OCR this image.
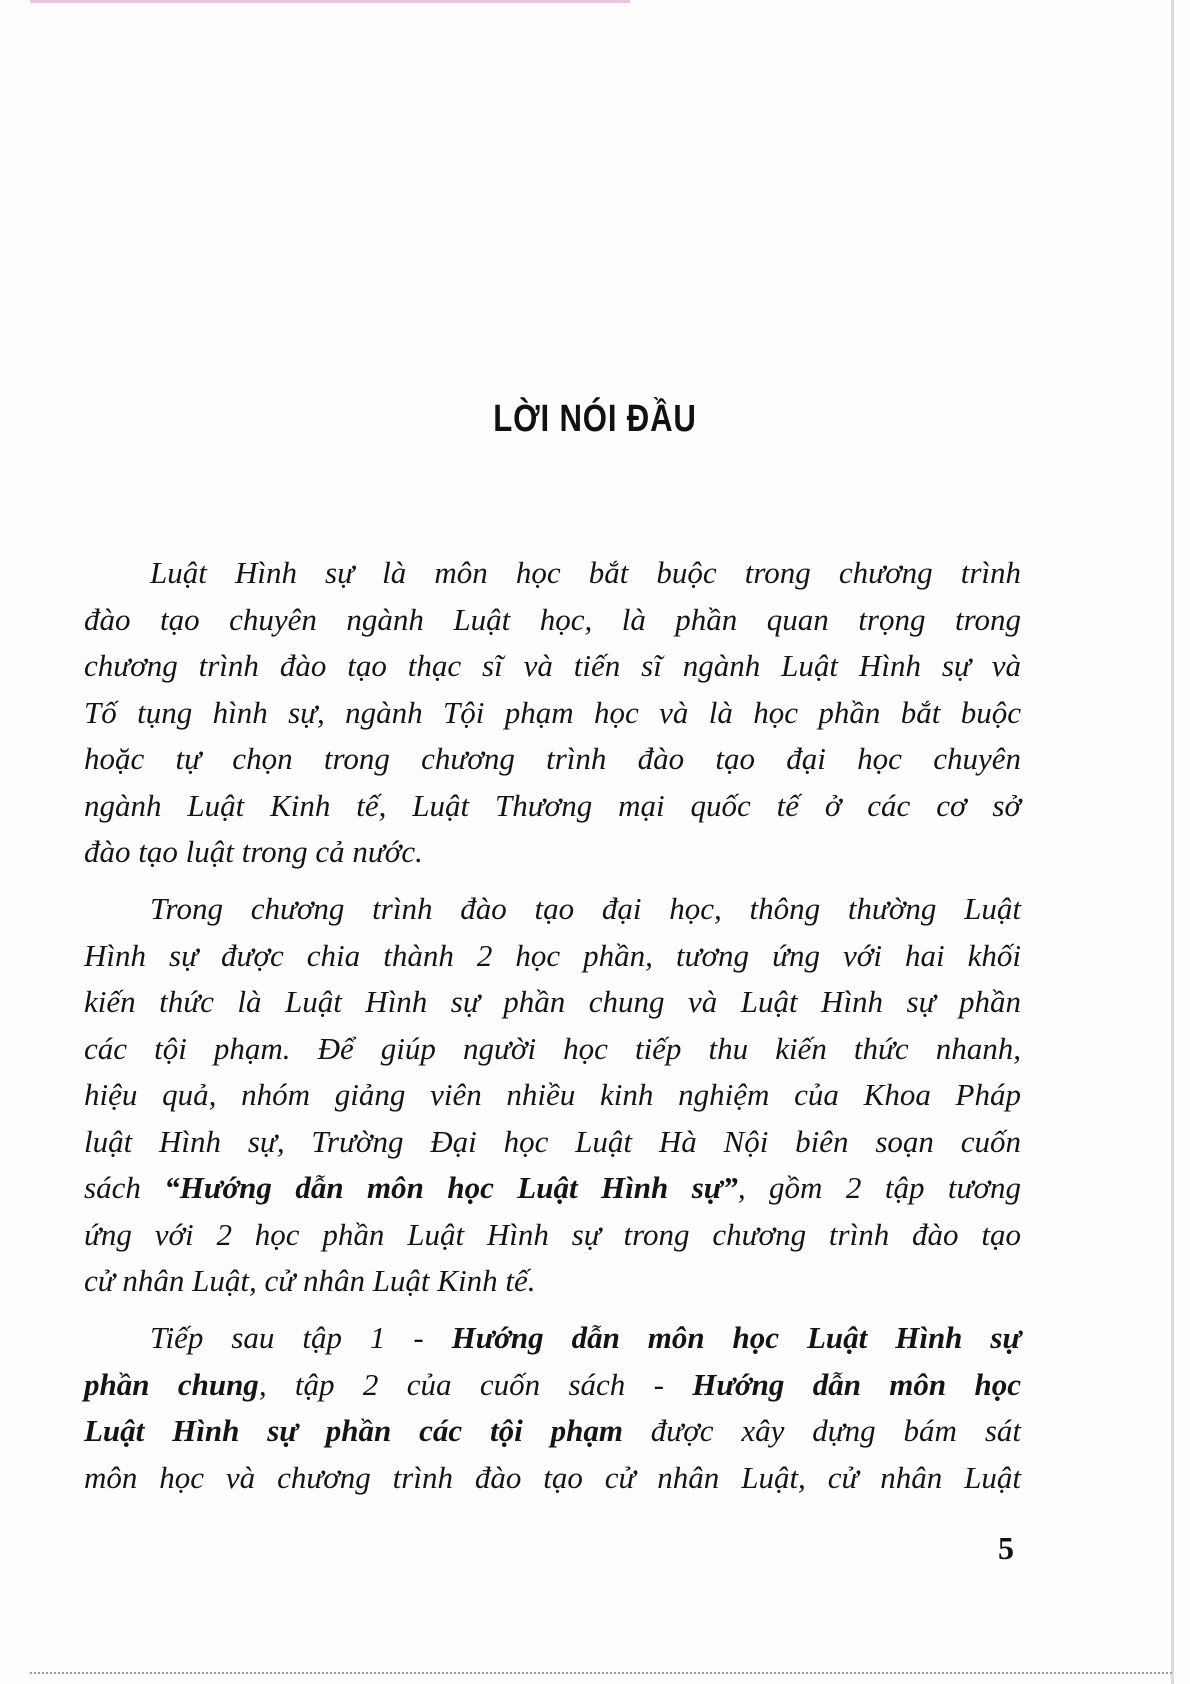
LỜI NÓI ĐẦU
Luật Hình sự là môn học bắt buộc trong chương trình
đào tạo chuyên ngành Luật học, là phần quan trọng trong
chương trình đào tạo thạc sĩ và tiến sĩ ngành Luật Hình sự và
Tố tụng hình sự, ngành Tội phạm học và là học phần bắt buộc
hoặc tự chọn trong chương trình đào tạo đại học chuyên
ngành Luật Kinh tế, Luật Thương mại quốc tế ở các cơ sở
đào tạo luật trong cả nước.
Trong chương trình đào tạo đại học, thông thường Luật
Hình sự được chia thành 2 học phần, tương ứng với hai khối
kiến thức là Luật Hình sự phần chung và Luật Hình sự phần
các tội phạm. Để giúp người học tiếp thu kiến thức nhanh,
hiệu quả, nhóm giảng viên nhiều kinh nghiệm của Khoa Pháp
luật Hình sự, Trường Đại học Luật Hà Nội biên soạn cuốn
sách “Hướng dẫn môn học Luật Hình sự”, gồm 2 tập tương
ứng với 2 học phần Luật Hình sự trong chương trình đào tạo
cử nhân Luật, cử nhân Luật Kinh tế.
Tiếp sau tập 1 - Hướng dẫn môn học Luật Hình sự
phần chung, tập 2 của cuốn sách - Hướng dẫn môn học
Luật Hình sự phần các tội phạm được xây dựng bám sát
môn học và chương trình đào tạo cử nhân Luật, cử nhân Luật
5
